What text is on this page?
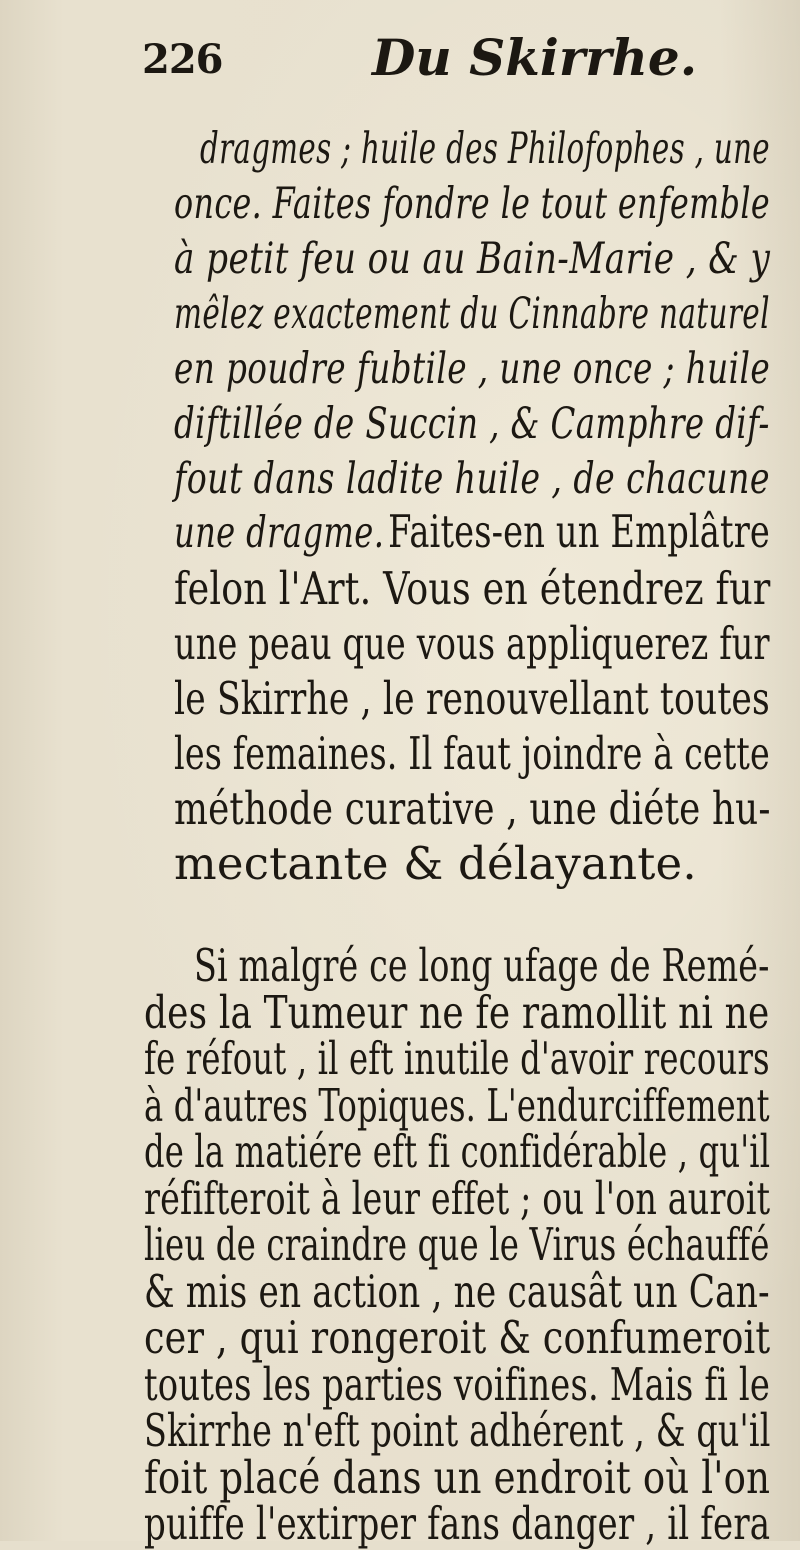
226	Du Skirrhe.

dragmes ; huile des Philofophes , une

once. Faites fondre le tout enfemble

à petit feu ou au Bain-Marie , & y

mêlez exactement du Cinnabre naturel

en poudre fubtile , une once ; huile

diftillée de Succin , & Camphre dif-

fout dans ladite huile , de chacune

une dragme. Faites-en un Emplâtre

felon l'Art. Vous en étendrez fur

une peau que vous appliquerez fur

le Skirrhe , le renouvellant toutes

les femaines. Il faut joindre à cette

méthode curative , une diéte hu-

mectante & délayante.

Si malgré ce long ufage de Remé-

des la Tumeur ne fe ramollit ni ne

fe réfout , il eft inutile d'avoir recours

à d'autres Topiques. L'endurciffement

de la matiére eft fi confidérable , qu'il

réfifteroit à leur effet ; ou l'on auroit

lieu de craindre que le Virus échauffé

& mis en action , ne causât un Can-

cer , qui rongeroit & confumeroit

toutes les parties voifines. Mais fi le

Skirrhe n'eft point adhérent , & qu'il

foit placé dans un endroit où l'on

puiffe l'extirper fans danger , il fera
